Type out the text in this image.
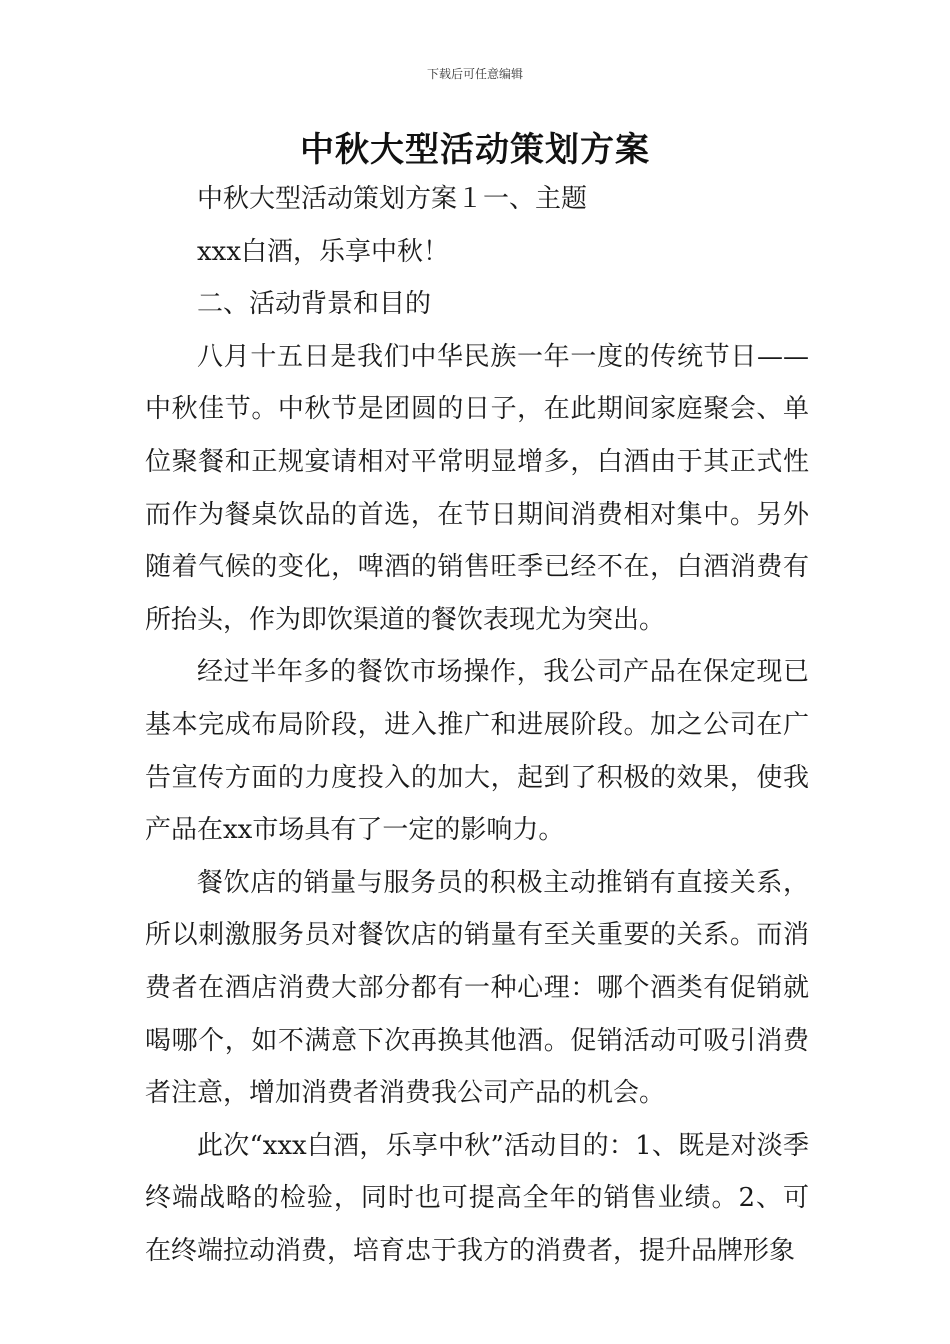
下载后可任意编辑
中秋大型活动策划方案

中秋大型活动策划方案１一、主题

xxx白酒，乐享中秋！

二、活动背景和目的

八月十五日是我们中华民族一年一度的传统节日——中秋佳节。中秋节是团圆的日子，在此期间家庭聚会、单位聚餐和正规宴请相对平常明显增多，白酒由于其正式性而作为餐桌饮品的首选，在节日期间消费相对集中。另外随着气候的变化，啤酒的销售旺季已经不在，白酒消费有所抬头，作为即饮渠道的餐饮表现尤为突出。

经过半年多的餐饮市场操作，我公司产品在保定现已基本完成布局阶段，进入推广和进展阶段。加之公司在广告宣传方面的力度投入的加大，起到了积极的效果，使我产品在xx市场具有了一定的影响力。

餐饮店的销量与服务员的积极主动推销有直接关系，所以刺激服务员对餐饮店的销量有至关重要的关系。而消费者在酒店消费大部分都有一种心理：哪个酒类有促销就喝哪个，如不满意下次再换其他酒。促销活动可吸引消费者注意，增加消费者消费我公司产品的机会。

此次“xxx白酒，乐享中秋”活动目的：1、既是对淡季终端战略的检验，同时也可提高全年的销售业绩。2、可在终端拉动消费，培育忠于我方的消费者，提升品牌形象
